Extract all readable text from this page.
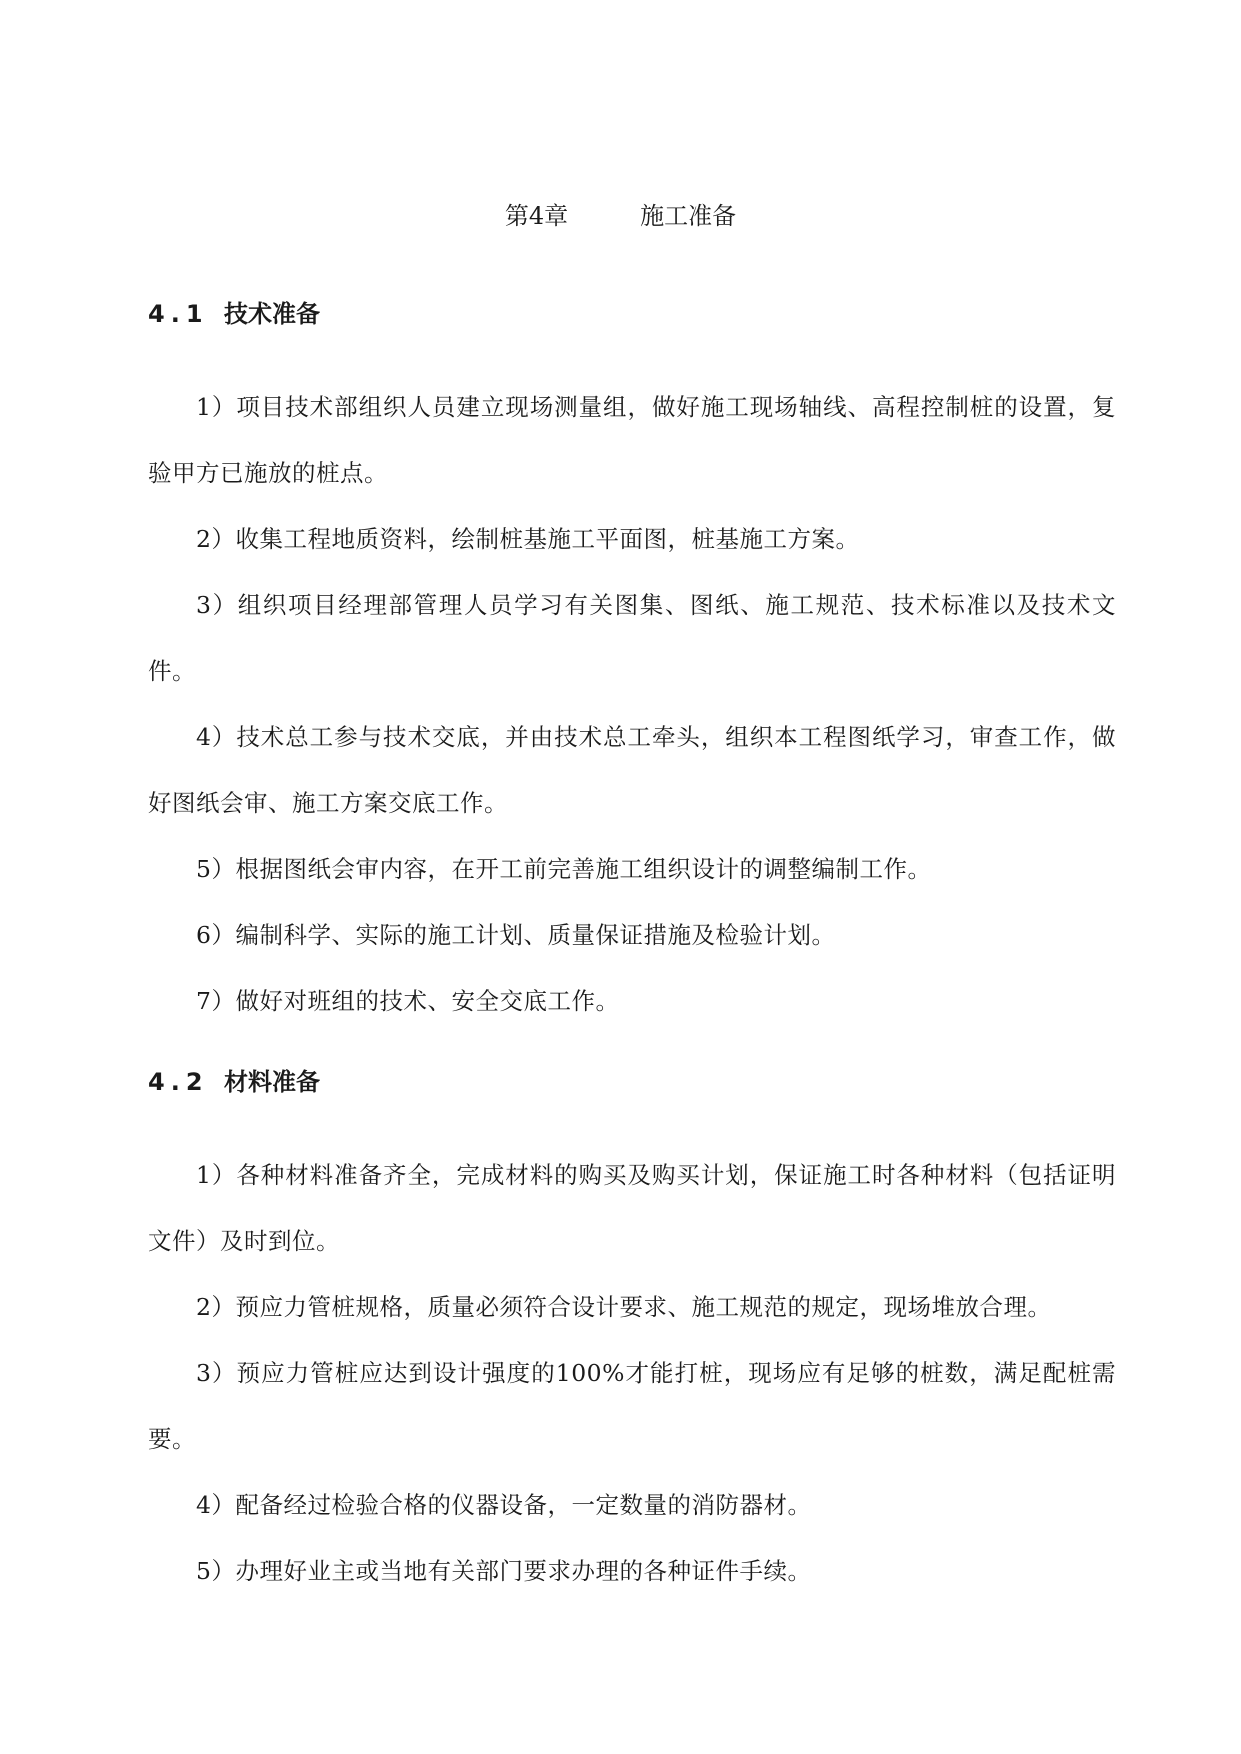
第4章	施工准备
4.1 技术准备

1）项目技术部组织人员建立现场测量组，做好施工现场轴线、高程控制桩的设置，复验甲方已施放的桩点。

2）收集工程地质资料，绘制桩基施工平面图，桩基施工方案。

3）组织项目经理部管理人员学习有关图集、图纸、施工规范、技术标准以及技术文件。

4）技术总工参与技术交底，并由技术总工牵头，组织本工程图纸学习，审查工作，做好图纸会审、施工方案交底工作。

5）根据图纸会审内容，在开工前完善施工组织设计的调整编制工作。

6）编制科学、实际的施工计划、质量保证措施及检验计划。

7）做好对班组的技术、安全交底工作。

4.2 材料准备

1）各种材料准备齐全，完成材料的购买及购买计划，保证施工时各种材料（包括证明文件）及时到位。

2）预应力管桩规格，质量必须符合设计要求、施工规范的规定，现场堆放合理。

3）预应力管桩应达到设计强度的100%才能打桩，现场应有足够的桩数，满足配桩需要。

4）配备经过检验合格的仪器设备，一定数量的消防器材。

5）办理好业主或当地有关部门要求办理的各种证件手续。
